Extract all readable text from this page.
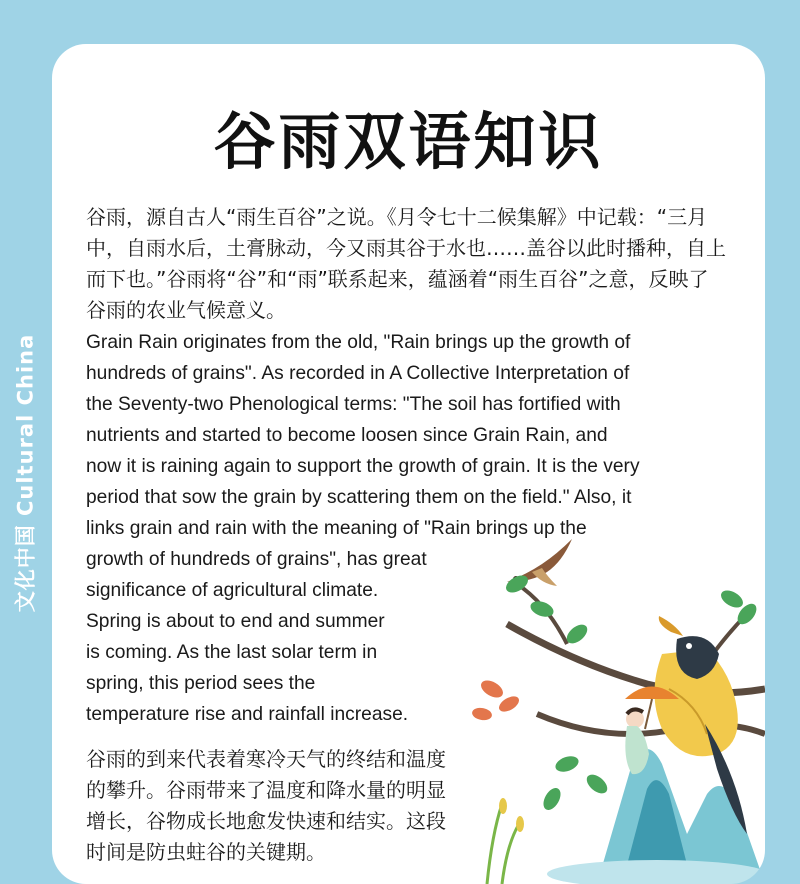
文化中国 Cultural China
谷雨双语知识

谷雨，源自古人“雨生百谷”之说。《月令七十二候集解》中记载：“三月中，自雨水后，土膏脉动，今又雨其谷于水也……盖谷以此时播种，自上而下也。”谷雨将“谷”和“雨”联系起来，蕴涵着“雨生百谷”之意，反映了谷雨的农业气候意义。

Grain Rain originates from the old, "Rain brings up the growth of
hundreds of grains". As recorded in A Collective Interpretation of
the Seventy-two Phenological terms: "The soil has fortified with
nutrients and started to become loosen since Grain Rain, and
now it is raining again to support the growth of grain. It is the very
period that sow the grain by scattering them on the field." Also, it
links grain and rain with the meaning of "Rain brings up the
growth of hundreds of grains", has great
significance of agricultural climate.
Spring is about to end and summer
is coming. As the last solar term in
spring, this period sees the
temperature rise and rainfall increase.

谷雨的到来代表着寒冷天气的终结和温度的攀升。谷雨带来了温度和降水量的明显增长，谷物成长地愈发快速和结实。这段时间是防虫蛀谷的关键期。
